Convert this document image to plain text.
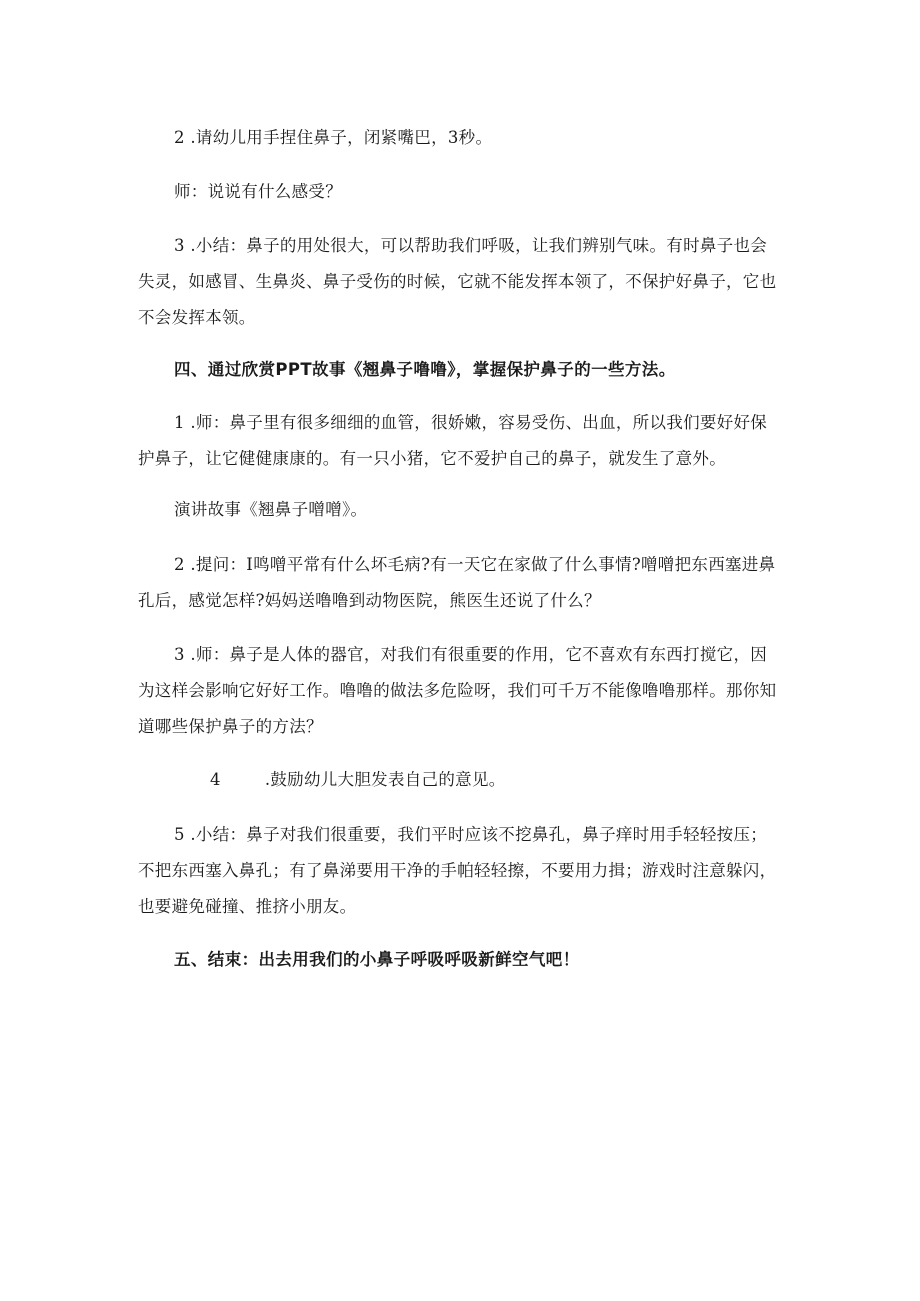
2 .请幼儿用手捏住鼻子，闭紧嘴巴，3秒。

师：说说有什么感受？

3 .小结：鼻子的用处很大，可以帮助我们呼吸，让我们辨别气味。有时鼻子也会
失灵，如感冒、生鼻炎、鼻子受伤的时候，它就不能发挥本领了，不保护好鼻子，它也
不会发挥本领。

四、通过欣赏PPT故事《翘鼻子噜噜》，掌握保护鼻子的一些方法。

1 .师：鼻子里有很多细细的血管，很娇嫩，容易受伤、出血，所以我们要好好保
护鼻子，让它健健康康的。有一只小猪，它不爱护自己的鼻子，就发生了意外。

演讲故事《翘鼻子噌噌》。

2 .提问：I鸣噌平常有什么坏毛病?有一天它在家做了什么事情?噌噌把东西塞进鼻
孔后，感觉怎样?妈妈送噜噜到动物医院，熊医生还说了什么？

3 .师：鼻子是人体的器官，对我们有很重要的作用，它不喜欢有东西打搅它，因
为这样会影响它好好工作。噜噜的做法多危险呀，我们可千万不能像噜噜那样。那你知
道哪些保护鼻子的方法？

4	.鼓励幼儿大胆发表自己的意见。

5 .小结：鼻子对我们很重要，我们平时应该不挖鼻孔，鼻子痒时用手轻轻按压；
不把东西塞入鼻孔；有了鼻涕要用干净的手帕轻轻擦，不要用力揖；游戏时注意躲闪，
也要避免碰撞、推挤小朋友。

五、结束：出去用我们的小鼻子呼吸呼吸新鲜空气吧！
